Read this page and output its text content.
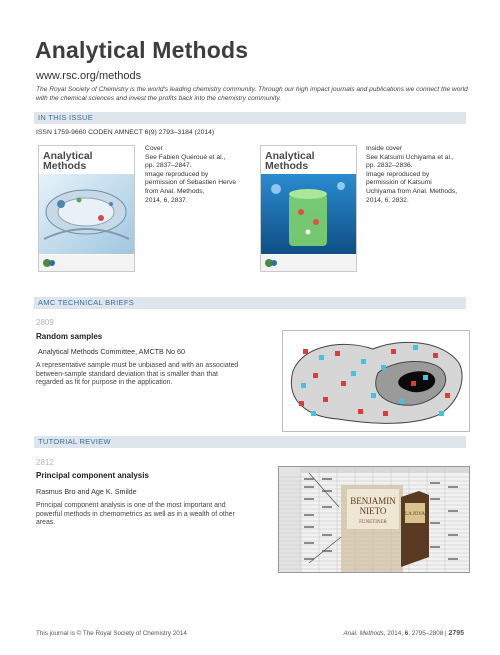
Analytical Methods
www.rsc.org/methods
The Royal Society of Chemistry is the world's leading chemistry community. Through our high impact journals and publications we connect the world with the chemical sciences and invest the profits back into the chemistry community.
IN THIS ISSUE
ISSN 1759-9660 CODEN AMNECT 6(9) 2793–3184 (2014)
Analytical
Methods
Cover
See Fabien Quéroué et al.,
pp. 2837–2847.
Image reproduced by
permission of Sebastien Herve
from Anal. Methods,
2014, 6, 2837.
Analytical
Methods
Inside cover
See Katsumi Uchiyama et al.,
pp. 2832–2836.
Image reproduced by
permission of Katsumi
Uchiyama from Anal. Methods,
2014, 6, 2832.
AMC TECHNICAL BRIEFS
2809
Random samples
Analytical Methods Committee, AMCTB No 60
A representative sample must be unbiased and with an associated between-sample standard deviation that is smaller than that regarded as fit for purpose in the application.
TUTORIAL REVIEW
2812
Principal component analysis
Rasmus Bro and Age K. Smilde
Principal component analysis is one of the most important and powerful methods in chemometrics as well as in a wealth of other areas.
BENJAMIN
NIETO
FUNETINER
LA JOYA
This journal is © The Royal Society of Chemistry 2014	Anal. Methods, 2014, 6, 2795–2808 | 2795
